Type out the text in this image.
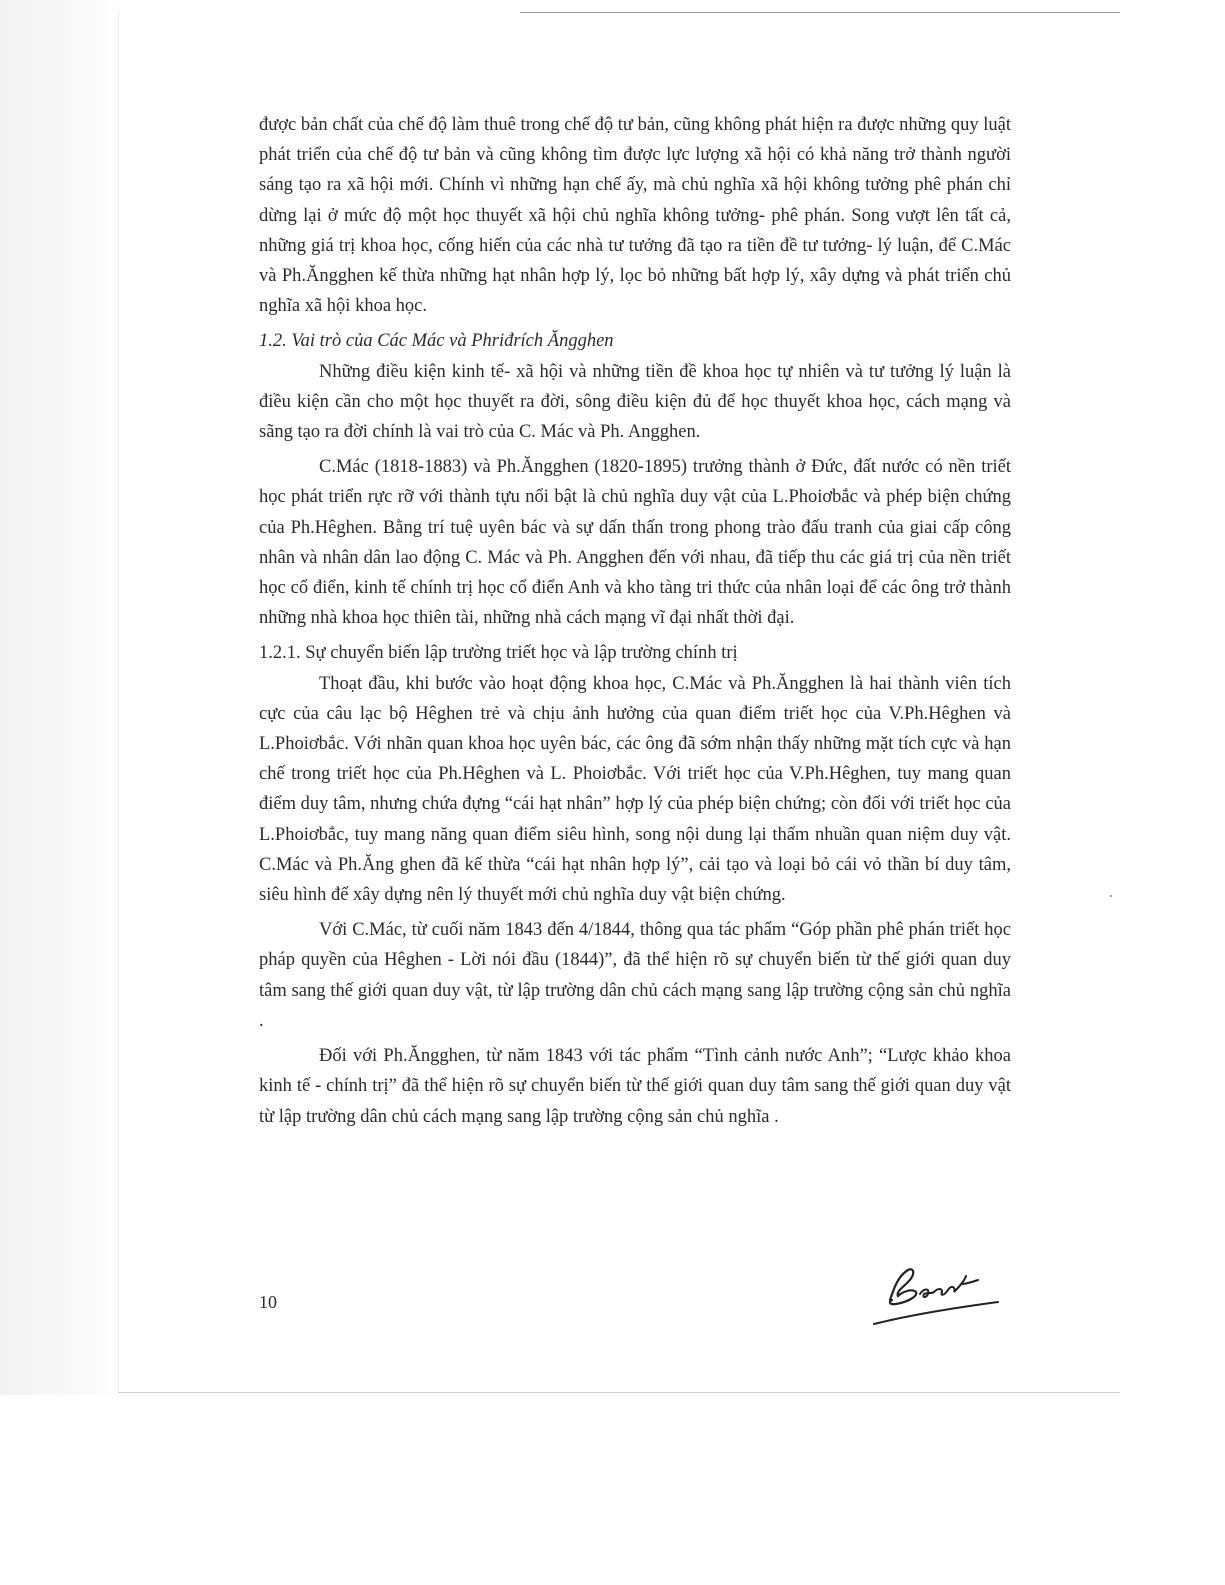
được bản chất của chế độ làm thuê trong chế độ tư bản, cũng không phát hiện ra được những quy luật phát triển của chế độ tư bản và cũng không tìm được lực lượng xã hội có khả năng trở thành người sáng tạo ra xã hội mới. Chính vì những hạn chế ấy, mà chủ nghĩa xã hội không tưởng phê phán chỉ dừng lại ở mức độ một học thuyết xã hội chủ nghĩa không tưởng- phê phán. Song vượt lên tất cả, những giá trị khoa học, cống hiến của các nhà tư tưởng đã tạo ra tiền đề tư tưởng- lý luận, để C.Mác và Ph.Ăngghen kế thừa những hạt nhân hợp lý, lọc bỏ những bất hợp lý, xây dựng và phát triển chủ nghĩa xã hội khoa học.

1.2. Vai trò của Các Mác và Phriđrích Ăngghen

Những điều kiện kinh tế- xã hội và những tiền đề khoa học tự nhiên và tư tưởng lý luận là điều kiện cần cho một học thuyết ra đời, sông điều kiện đủ để học thuyết khoa học, cách mạng và sãng tạo ra đời chính là vai trò của C. Mác và Ph. Angghen.

C.Mác (1818-1883) và Ph.Ăngghen (1820-1895) trưởng thành ở Đức, đất nước có nền triết học phát triển rực rỡ với thành tựu nổi bật là chủ nghĩa duy vật của L.Phoiơbắc và phép biện chứng của Ph.Hêghen. Bằng trí tuệ uyên bác và sự dấn thấn trong phong trào đấu tranh của giai cấp công nhân và nhân dân lao động C. Mác và Ph. Angghen đến với nhau, đã tiếp thu các giá trị của nền triết học cổ điển, kinh tế chính trị học cổ điển Anh và kho tàng tri thức của nhân loại để các ông trở thành những nhà khoa học thiên tài, những nhà cách mạng vĩ đại nhất thời đại.

1.2.1. Sự chuyển biến lập trường triết học và lập trường chính trị

Thoạt đầu, khi bước vào hoạt động khoa học, C.Mác và Ph.Ăngghen là hai thành viên tích cực của câu lạc bộ Hêghen trẻ và chịu ảnh hưởng của quan điểm triết học của V.Ph.Hêghen và L.Phoiơbắc. Với nhãn quan khoa học uyên bác, các ông đã sớm nhận thấy những mặt tích cực và hạn chế trong triết học của Ph.Hêghen và L. Phoiơbắc. Với triết học của V.Ph.Hêghen, tuy mang quan điểm duy tâm, nhưng chứa đựng “cái hạt nhân” hợp lý của phép biện chứng; còn đối với triết học của L.Phoiơbắc, tuy mang năng quan điểm siêu hình, song nội dung lại thấm nhuần quan niệm duy vật. C.Mác và Ph.Ăng ghen đã kế thừa “cái hạt nhân hợp lý”, cải tạo và loại bỏ cái vỏ thần bí duy tâm, siêu hình để xây dựng nên lý thuyết mới chủ nghĩa duy vật biện chứng.

Với C.Mác, từ cuối năm 1843 đến 4/1844, thông qua tác phẩm “Góp phần phê phán triết học pháp quyền của Hêghen - Lời nói đầu (1844)”, đã thể hiện rõ sự chuyển biến từ thế giới quan duy tâm sang thế giới quan duy vật, từ lập trường dân chủ cách mạng sang lập trường cộng sản chủ nghĩa .

Đối với Ph.Ăngghen, từ năm 1843 với tác phẩm “Tình cảnh nước Anh”; “Lược khảo khoa kinh tế - chính trị” đã thể hiện rõ sự chuyển biến từ thế giới quan duy tâm sang thế giới quan duy vật từ lập trường dân chủ cách mạng sang lập trường cộng sản chủ nghĩa .

10
